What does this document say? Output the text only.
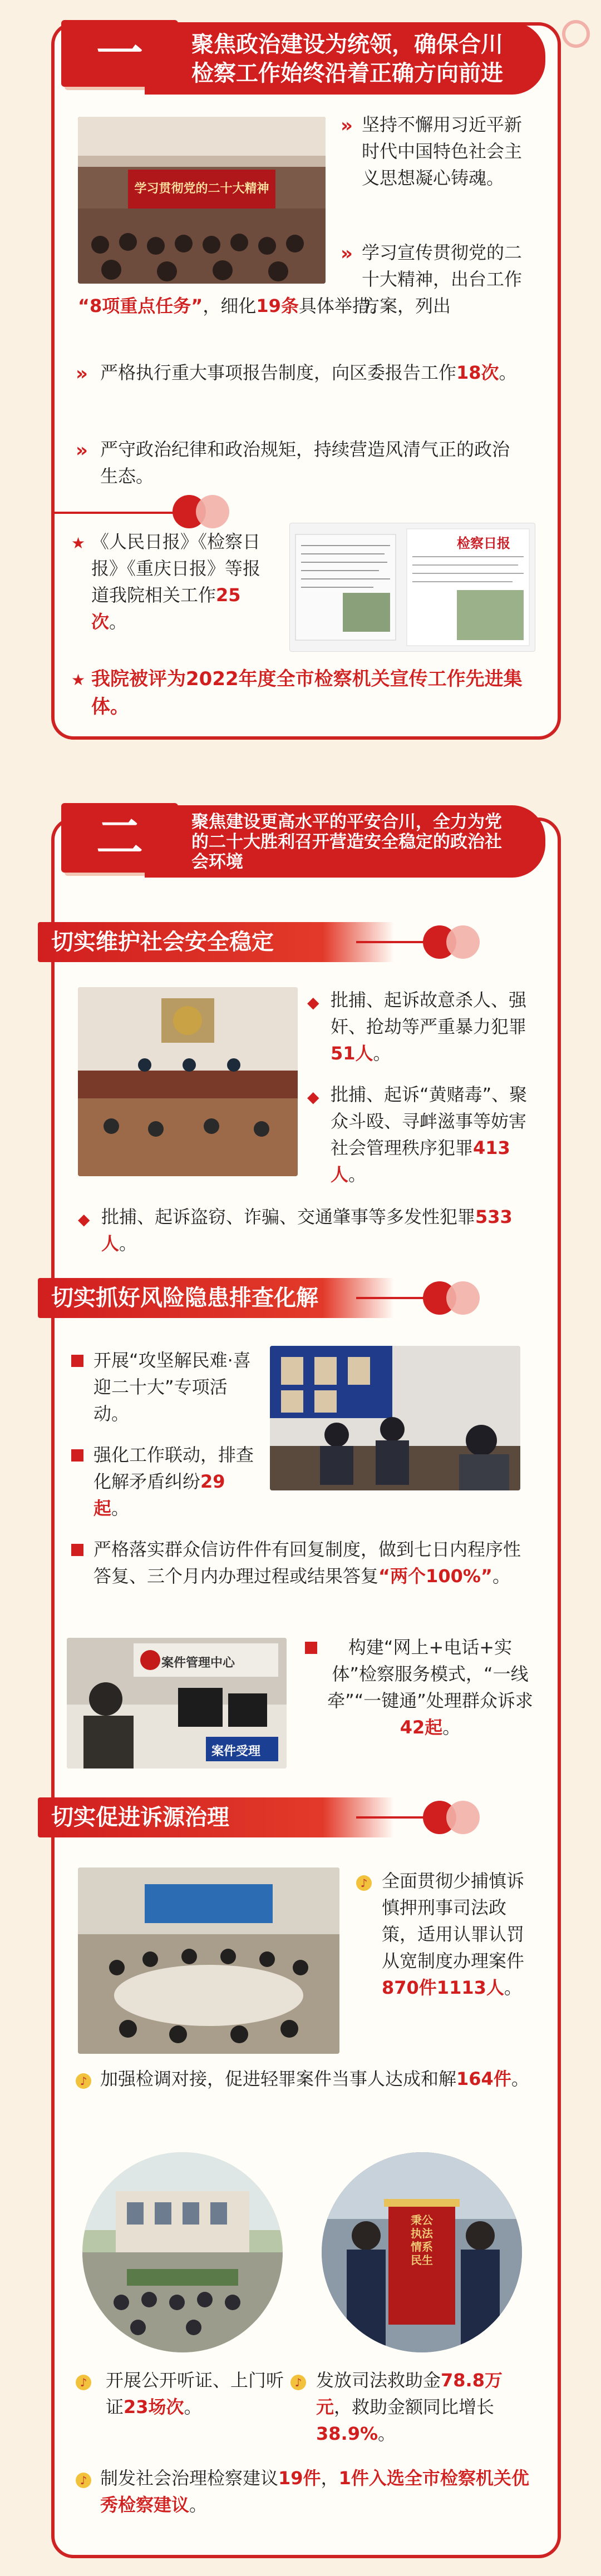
一	聚焦政治建设为统领，确保合川
检察工作始终沿着正确方向前进
学习贯彻党的二十大精神
» 坚持不懈用习近平新时代中国特色社会主义思想凝心铸魂。
» 学习宣传贯彻党的二十大精神，出台工作方案，列出
“8项重点任务”，细化19条具体举措。
» 严格执行重大事项报告制度，向区委报告工作18次。
» 严守政治纪律和政治规矩，持续营造风清气正的政治生态。
★ 《人民日报》《检察日报》《重庆日报》等报道我院相关工作25次。
检察日报
★ 我院被评为2022年度全市检察机关宣传工作先进集体。
二	聚焦建设更高水平的平安合川，全力为党
的二十大胜利召开营造安全稳定的政治社
会环境
切实维护社会安全稳定
◆ 批捕、起诉故意杀人、强奸、抢劫等严重暴力犯罪51人。
◆ 批捕、起诉“黄赌毒”、聚众斗殴、寻衅滋事等妨害社会管理秩序犯罪413人。
◆ 批捕、起诉盗窃、诈骗、交通肇事等多发性犯罪533人。
切实抓好风险隐患排查化解
开展“攻坚解民难·喜迎二十大”专项活动。
强化工作联动，排查化解矛盾纠纷29起。
严格落实群众信访件件有回复制度，做到七日内程序性答复、三个月内办理过程或结果答复“两个100%”。
案件管理中心
案件受理
构建“网上+电话+实体”检察服务模式，“一线牵”“一键通”处理群众诉求42起。
切实促进诉源治理
♪ 全面贯彻少捕慎诉慎押刑事司法政策，适用认罪认罚从宽制度办理案件870件1113人。
♪ 加强检调对接，促进轻罪案件当事人达成和解164件。
秉公执法 情系民生
♪ 开展公开听证、上门听证23场次。
♪ 发放司法救助金78.8万元，救助金额同比增长38.9%。
♪ 制发社会治理检察建议19件，1件入选全市检察机关优秀检察建议。
